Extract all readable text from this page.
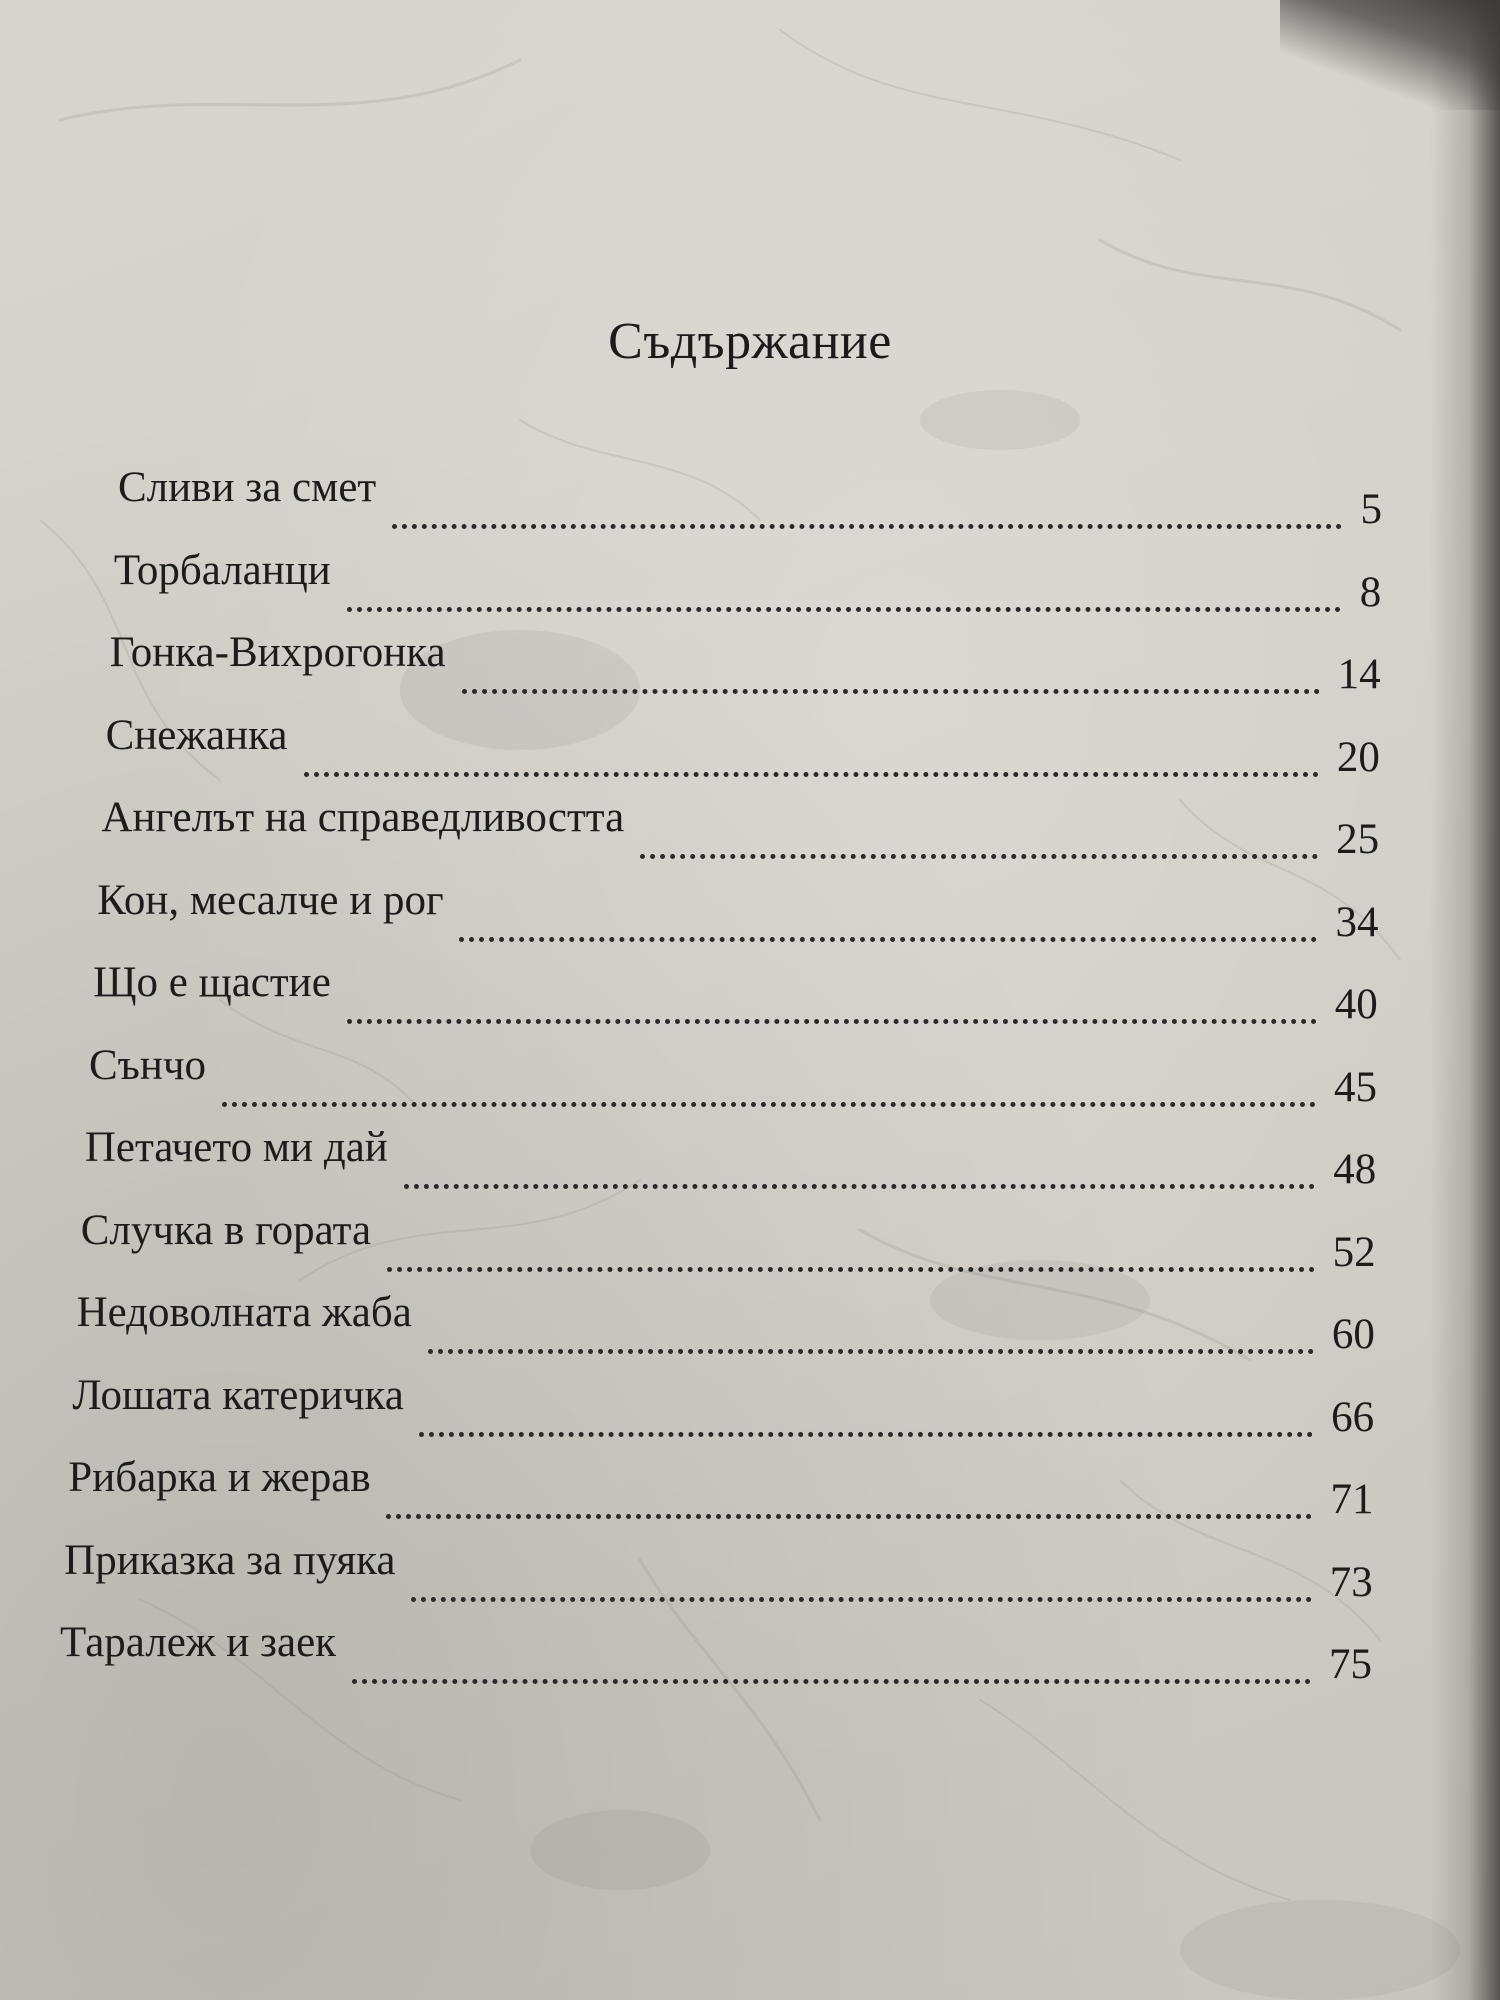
Съдържание
Сливи за смет	5
Торбаланци	8
Гонка-Вихрогонка	14
Снежанка	20
Ангелът на справедливостта	25
Кон, месалче и рог	34
Що е щастие	40
Сънчо	45
Петачето ми дай	48
Случка в гората	52
Недоволната жаба	60
Лошата катеричка	66
Рибарка и жерав	71
Приказка за пуяка	73
Таралеж и заек	75
